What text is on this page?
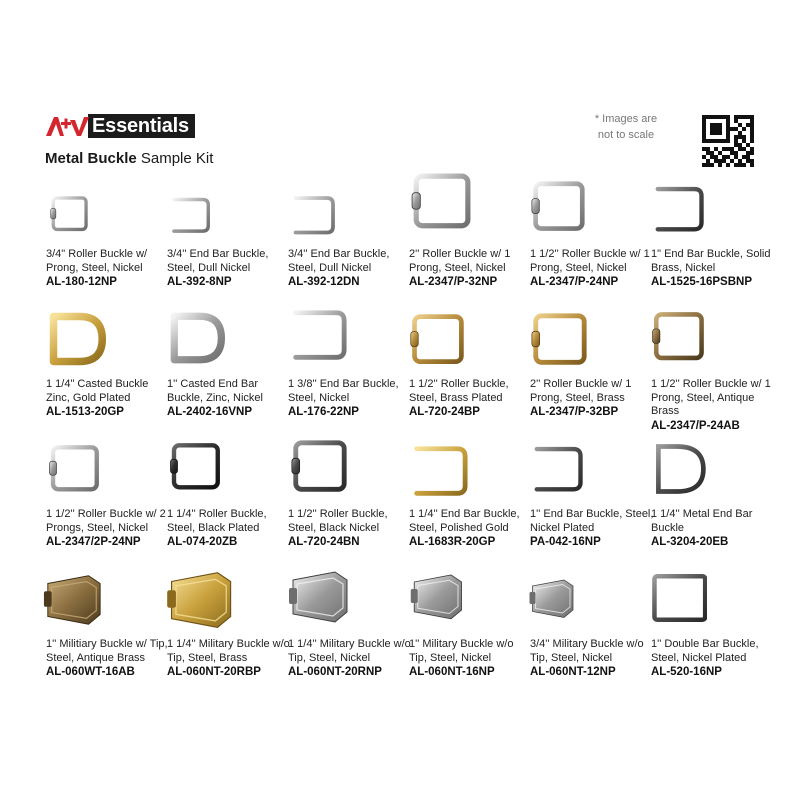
Essentials
Metal Buckle Sample Kit
* Images are
not to scale
3/4" Roller Buckle w/ Prong, Steel, Nickel
AL-180-12NP
3/4'' End Bar Buckle, Steel, Dull Nickel
AL-392-8NP
3/4'' End Bar Buckle, Steel, Dull Nickel
AL-392-12DN
2'' Roller Buckle w/ 1 Prong, Steel, Nickel
AL-2347/P-32NP
1 1/2'' Roller Buckle w/ 1 Prong, Steel, Nickel
AL-2347/P-24NP
1" End Bar Buckle, Solid Brass, Nickel
AL-1525-16PSBNP
1 1/4" Casted Buckle Zinc, Gold Plated
AL-1513-20GP
1'' Casted End Bar Buckle, Zinc, Nickel
AL-2402-16VNP
1 3/8'' End Bar Buckle, Steel, Nickel
AL-176-22NP
1 1/2'' Roller Buckle, Steel, Brass Plated
AL-720-24BP
2'' Roller Buckle w/ 1 Prong, Steel, Brass
AL-2347/P-32BP
1 1/2'' Roller Buckle w/ 1 Prong, Steel, Antique Brass
AL-2347/P-24AB
1 1/2'' Roller Buckle w/ 2 Prongs, Steel, Nickel
AL-2347/2P-24NP
1 1/4'' Roller Buckle, Steel, Black Plated
AL-074-20ZB
1 1/2'' Roller Buckle, Steel, Black Nickel
AL-720-24BN
1 1/4'' End Bar Buckle, Steel, Polished Gold
AL-1683R-20GP
1'' End Bar Buckle, Steel, Nickel Plated
PA-042-16NP
1 1/4'' Metal End Bar Buckle
AL-3204-20EB
1'' Militiary Buckle w/ Tip, Steel, Antique Brass
AL-060WT-16AB
1 1/4'' Military Buckle w/o Tip, Steel, Brass
AL-060NT-20RBP
1 1/4'' Military Buckle w/o Tip, Steel, Nickel
AL-060NT-20RNP
1'' Military Buckle w/o Tip, Steel, Nickel
AL-060NT-16NP
3/4'' Military Buckle w/o Tip, Steel, Nickel
AL-060NT-12NP
1'' Double Bar Buckle, Steel, Nickel Plated
AL-520-16NP
